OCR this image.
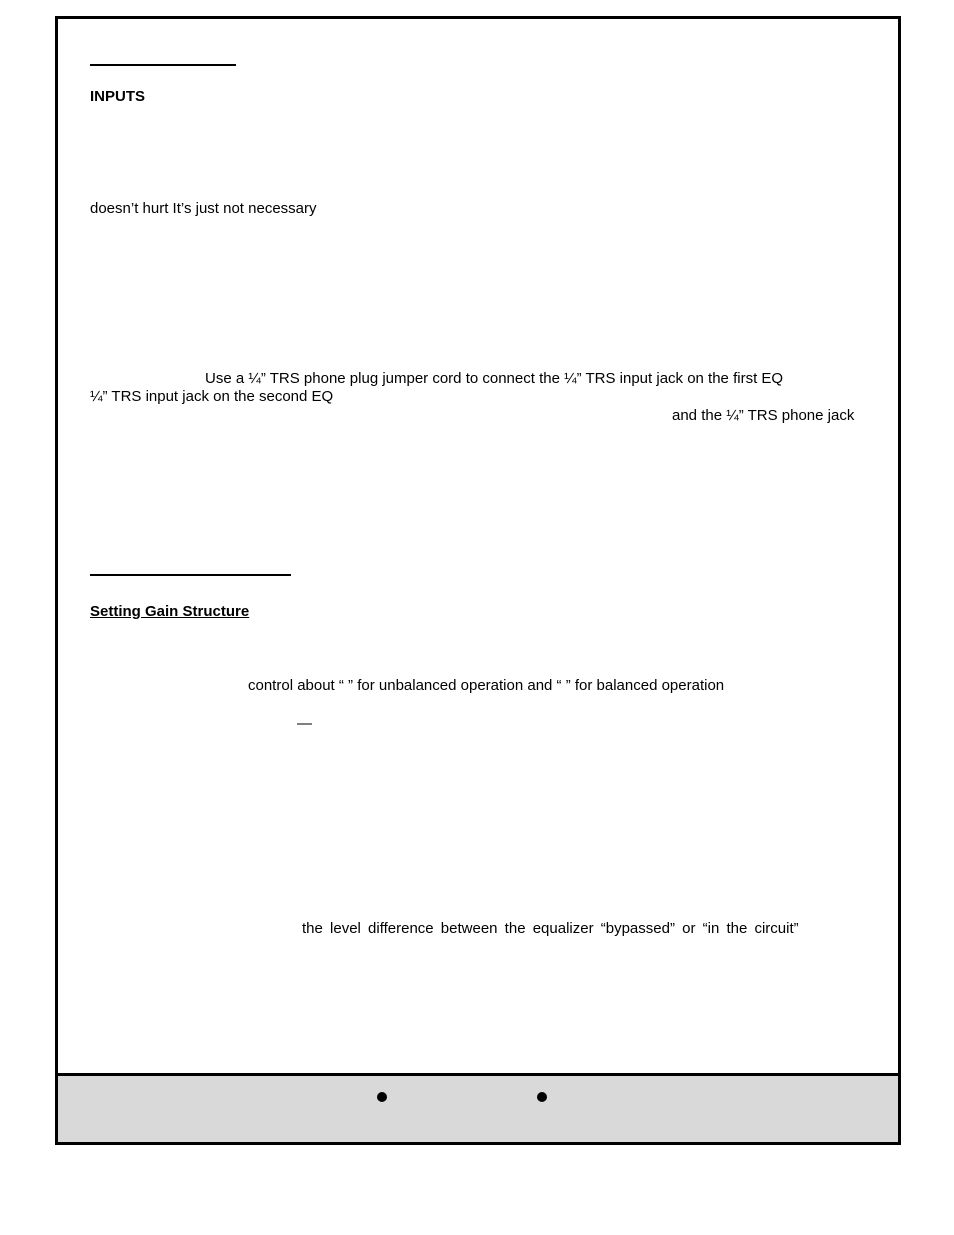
INPUTS
doesn’t hurt It’s just not necessary
Use a ¼” TRS phone plug jumper cord to connect the ¼” TRS input jack on the first EQ
¼” TRS input jack on the second EQ
and the ¼” TRS phone jack
Setting Gain Structure
control about “ ” for unbalanced operation and “ ” for balanced operation
—
the level difference between the equalizer “bypassed” or “in the circuit”
